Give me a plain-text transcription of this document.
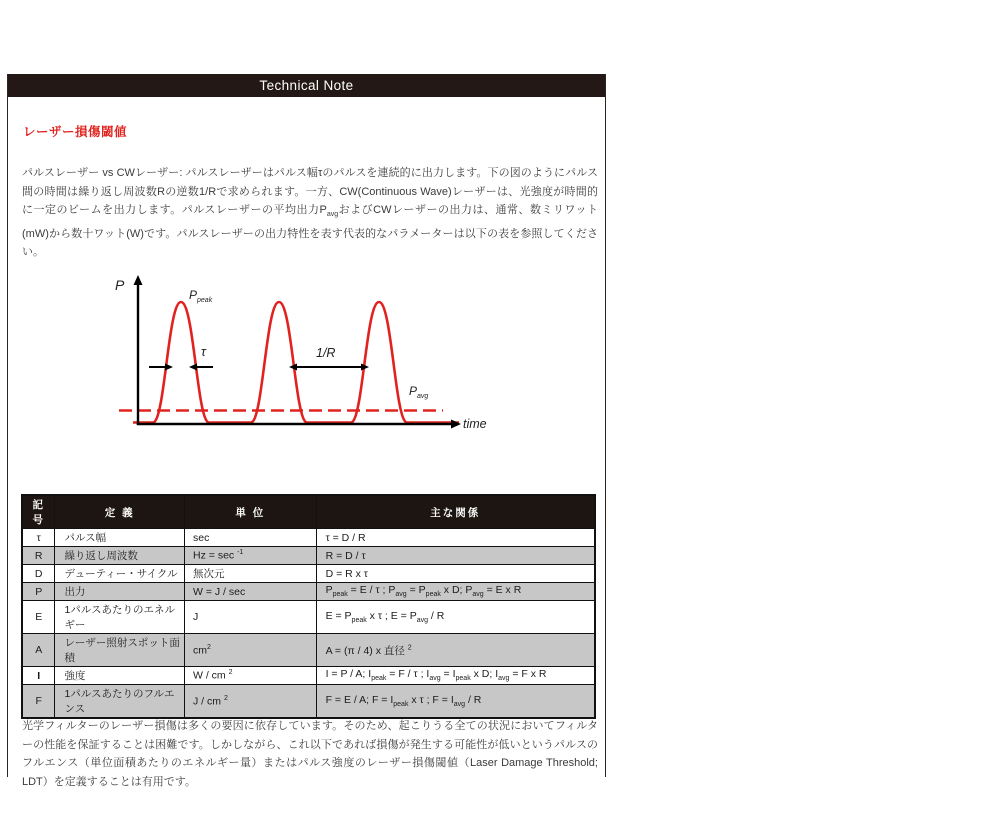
Technical Note
レーザー損傷閾値

パルスレーザー vs CWレーザー: パルスレーザーはパルス幅τのパルスを連続的に出力します。下の図のようにパルス間の時間は繰り返し周波数Rの逆数1/Rで求められます。一方、CW(Continuous Wave)レーザーは、光強度が時間的に一定のビームを出力します。パルスレーザーの平均出力$P_{avg}$およびCWレーザーの出力は、通常、数ミリワット(mW)から数十ワット(W)です。パルスレーザーの出力特性を表す代表的なパラメーターは以下の表を参照してください。

P
$P_{peak}$
τ	1/R
$P_{avg}$
time
記号	定 義	単 位	主な関係
τ	パルス幅	sec	τ = D / R
R	繰り返し周波数	Hz = sec $^{-1}$	R = D / τ
D	デューティー・サイクル	無次元	D = R x τ
P	出力	W = J / sec	$P_{peak} = E / \tau$ ; $P_{avg} = P_{peak}$ x D; $P_{avg} = E$ x R
E	1パルスあたりのエネルギー	J	$E = P_{peak}$ x τ ; $E = P_{avg} / R$
A	レーザー照射スポット面積	$cm^2$	A = (π / 4) x 直径 $^2$
I	強度	W / cm $^2$	I = P / A; $I_{peak} = F / \tau$ ; $I_{avg} = I_{peak}$ x D; $I_{avg} = F$ x R
F	1パルスあたりのフルエンス	J / cm $^2$	F = E / A; $F = I_{peak}$ x τ ; $F = I_{avg} / R$

光学フィルターのレーザー損傷は多くの要因に依存しています。そのため、起こりうる全ての状況においてフィルターの性能を保証することは困難です。しかしながら、これ以下であれば損傷が発生する可能性が低いというパルスのフルエンス（単位面積あたりのエネルギー量）またはパルス強度のレーザー損傷閾値（Laser Damage Threshold; LDT）を定義することは有用です。
